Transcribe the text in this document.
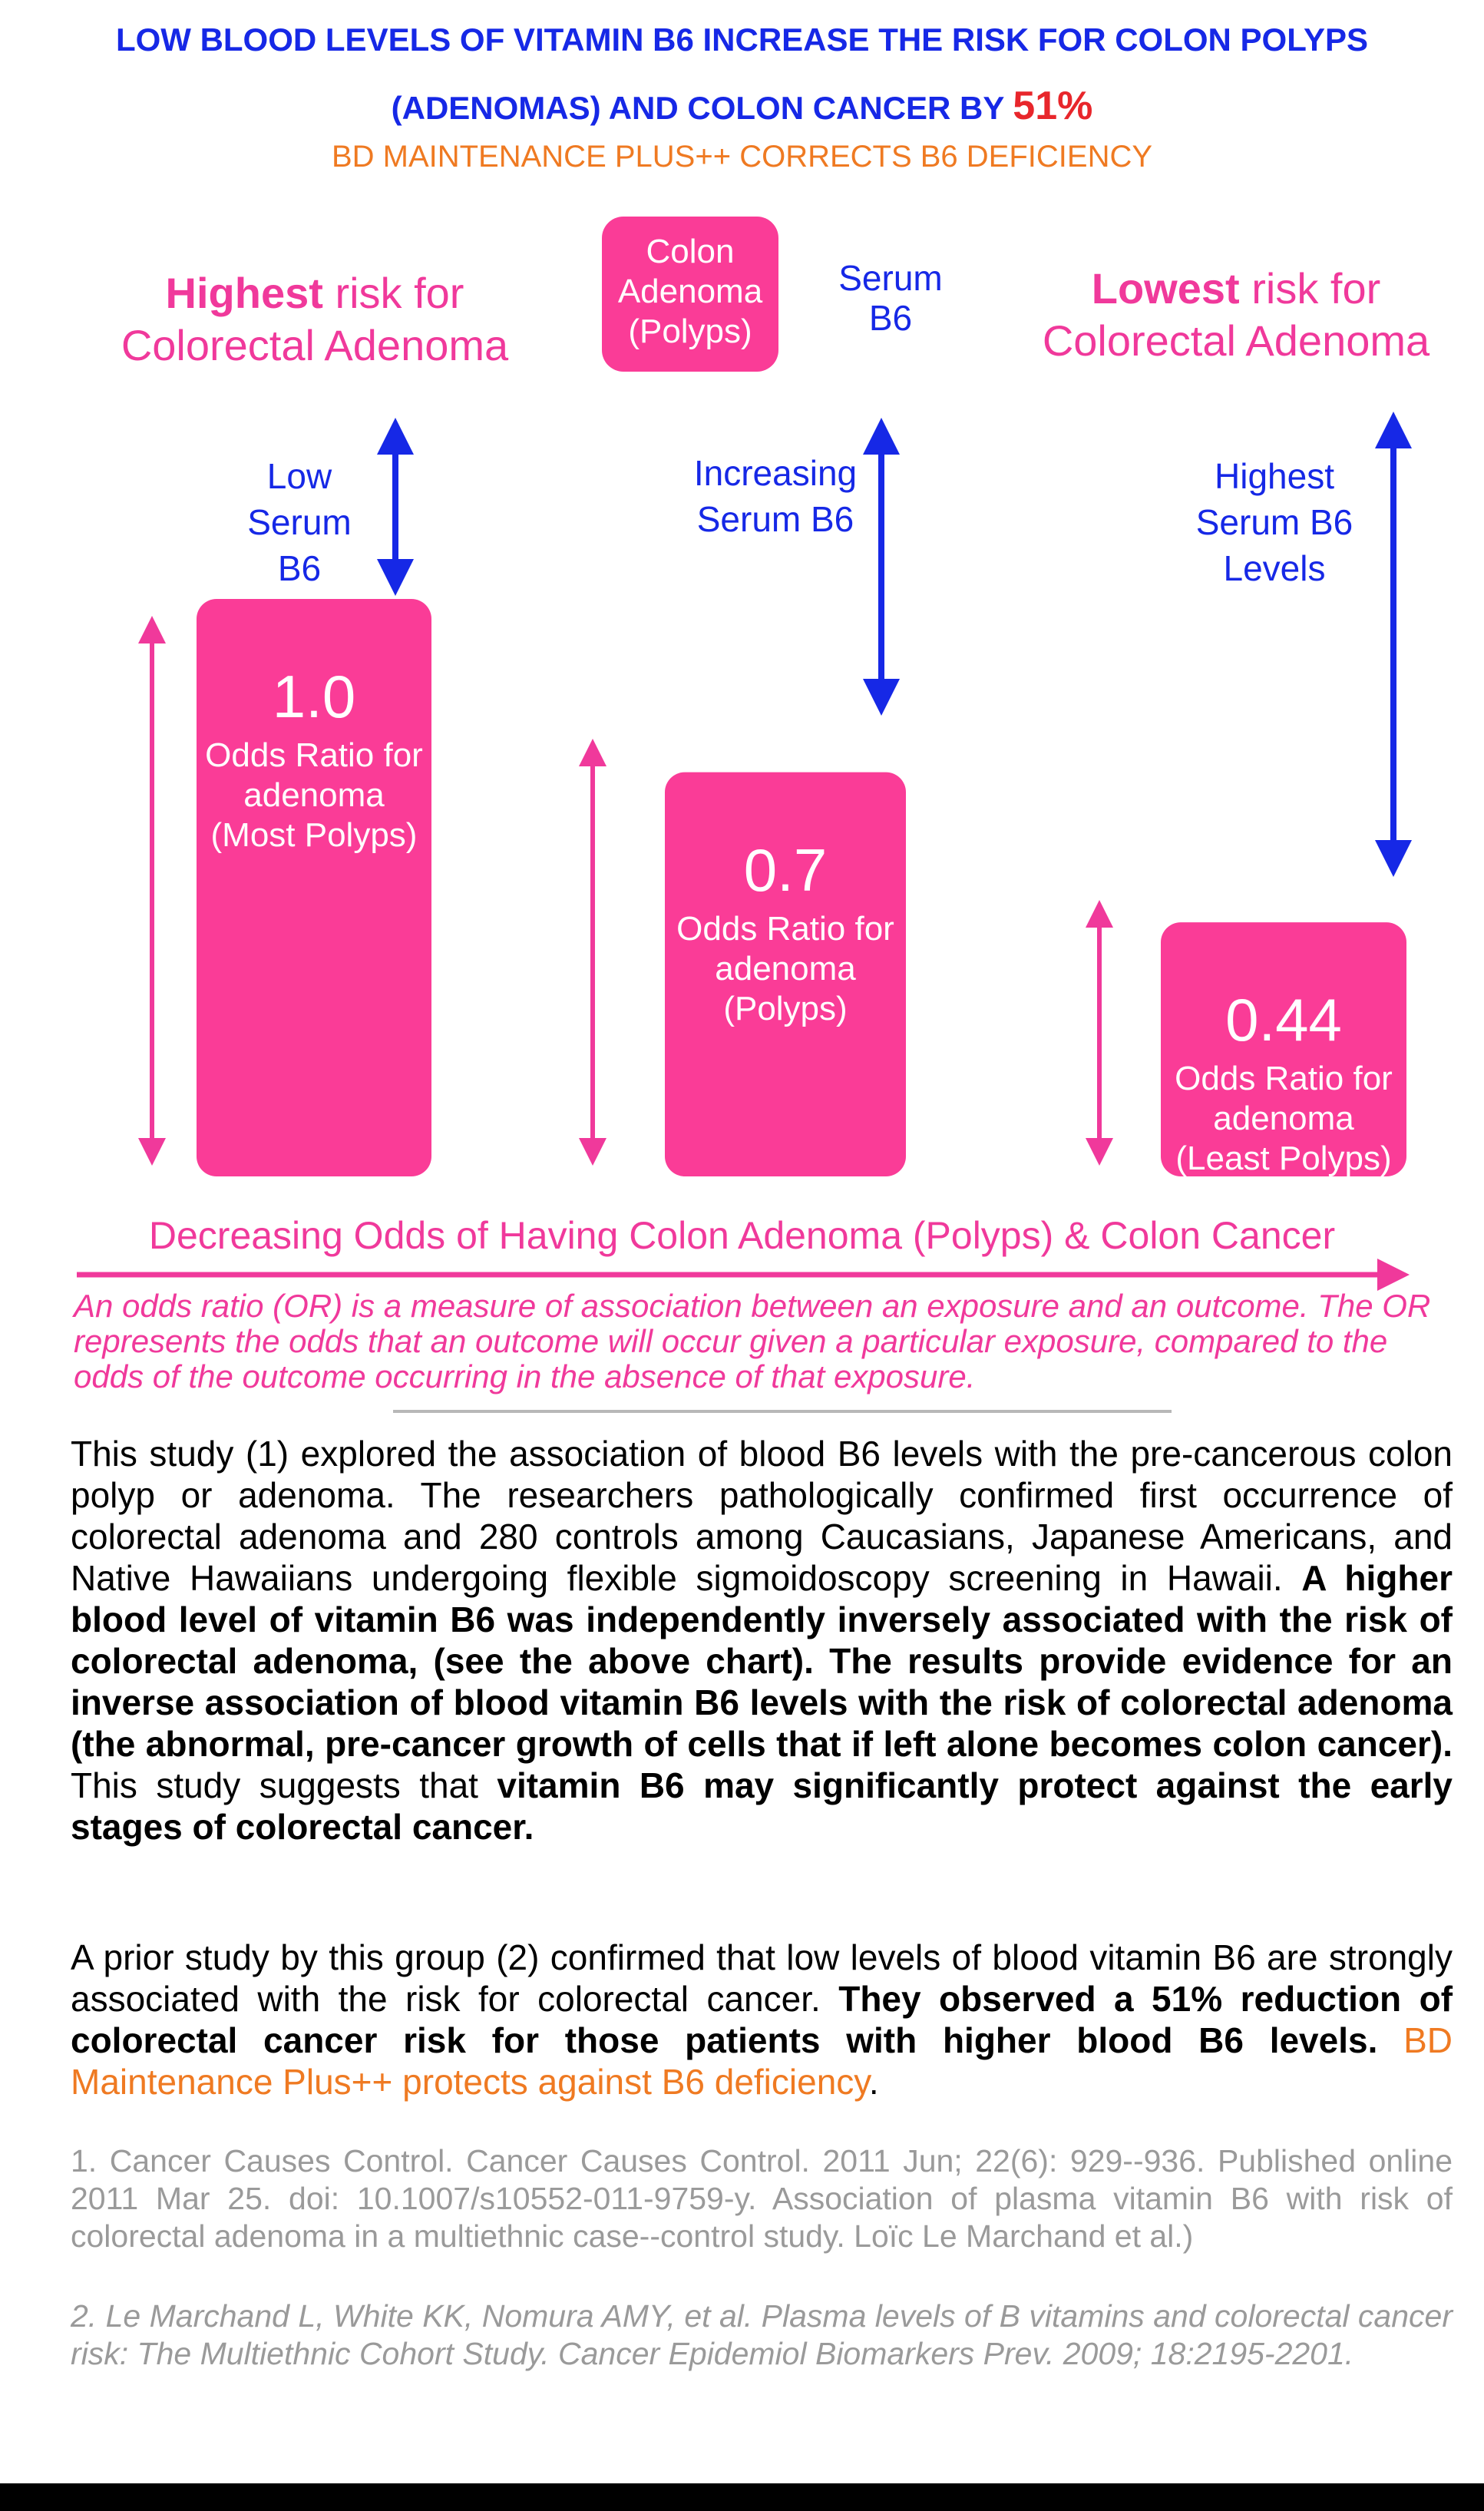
LOW BLOOD LEVELS OF VITAMIN B6 INCREASE THE RISK FOR COLON POLYPS
(ADENOMAS) AND COLON CANCER BY 51%
BD MAINTENANCE PLUS++ CORRECTS B6 DEFICIENCY
Highest risk for
Colorectal Adenoma
Lowest risk for
Colorectal Adenoma
Colon Adenoma (Polyps)
Serum B6
Low Serum B6
Increasing Serum B6
Highest Serum B6 Levels
1.0
Odds Ratio for adenoma (Most Polyps)
0.7
Odds Ratio for adenoma (Polyps)	0.44
Odds Ratio for adenoma (Least Polyps)
Decreasing Odds of Having Colon Adenoma (Polyps) & Colon Cancer
An odds ratio (OR) is a measure of association between an exposure and an outcome. The OR represents the odds that an outcome will occur given a particular exposure, compared to the odds of the outcome occurring in the absence of that exposure.
This study (1) explored the association of blood B6 levels with the pre-cancerous colon polyp or adenoma. The researchers pathologically confirmed first occurrence of colorectal adenoma and 280 controls among Caucasians, Japanese Americans, and Native Hawaiians undergoing flexible sigmoidoscopy screening in Hawaii. A higher blood level of vitamin B6 was independently inversely associated with the risk of colorectal adenoma, (see the above chart). The results provide evidence for an inverse association of blood vitamin B6 levels with the risk of colorectal adenoma (the abnormal, pre-cancer growth of cells that if left alone becomes colon cancer). This study suggests that vitamin B6 may significantly protect against the early stages of colorectal cancer.
A prior study by this group (2) confirmed that low levels of blood vitamin B6 are strongly associated with the risk for colorectal cancer. They observed a 51% reduction of colorectal cancer risk for those patients with higher blood B6 levels. BD Maintenance Plus++ protects against B6 deficiency.
1. Cancer Causes Control. Cancer Causes Control. 2011 Jun; 22(6): 929--936. Published online 2011 Mar 25. doi: 10.1007/s10552-011-9759-y. Association of plasma vitamin B6 with risk of colorectal adenoma in a multiethnic case--control study. Loïc Le Marchand et al.)
2. Le Marchand L, White KK, Nomura AMY, et al. Plasma levels of B vitamins and colorectal cancer risk: The Multiethnic Cohort Study. Cancer Epidemiol Biomarkers Prev. 2009; 18:2195-2201.
